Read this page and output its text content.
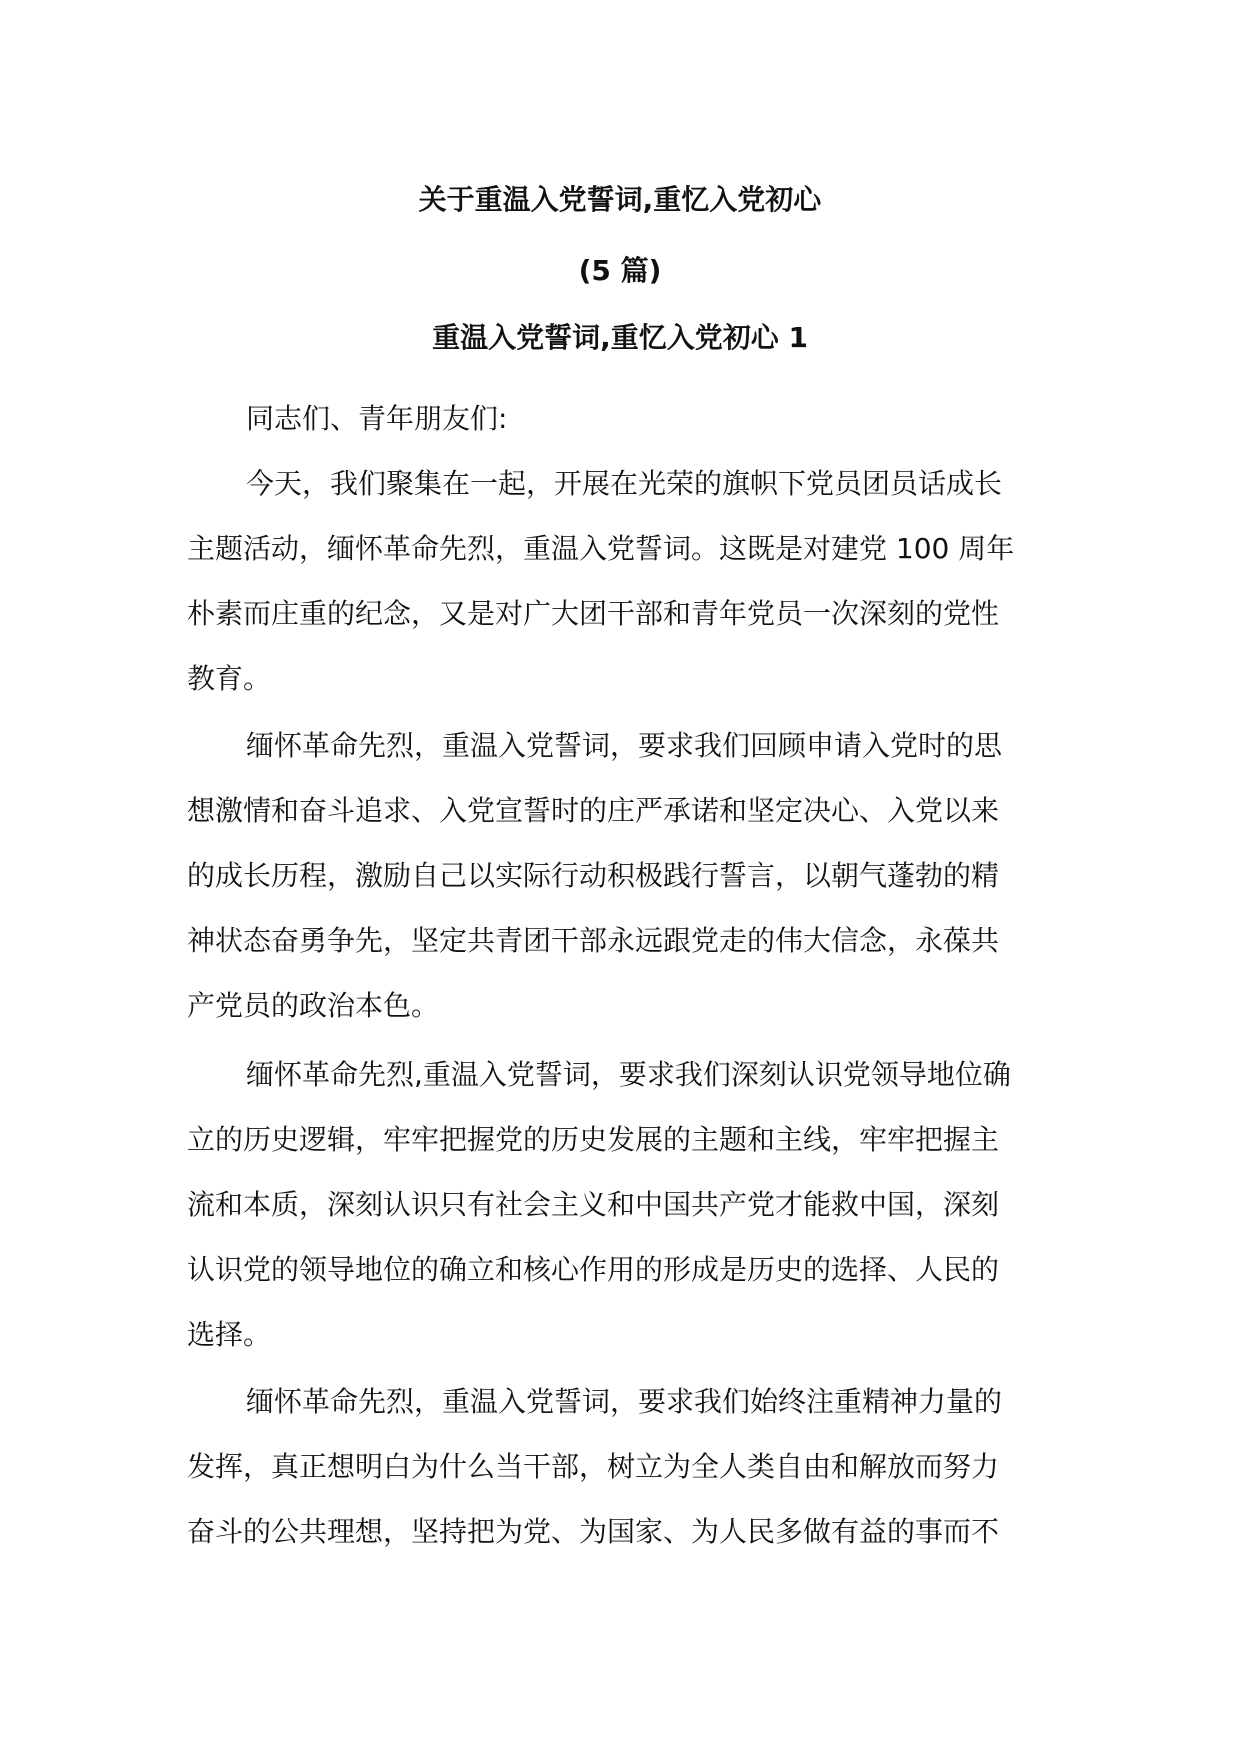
关于重温入党誓词,重忆入党初心
(5 篇)
重温入党誓词,重忆入党初心 1
同志们、青年朋友们:
今天，我们聚集在一起，开展在光荣的旗帜下党员团员话成长
主题活动，缅怀革命先烈，重温入党誓词。这既是对建党 100 周年
朴素而庄重的纪念，又是对广大团干部和青年党员一次深刻的党性
教育。
缅怀革命先烈，重温入党誓词，要求我们回顾申请入党时的思
想激情和奋斗追求、入党宣誓时的庄严承诺和坚定决心、入党以来
的成长历程，激励自己以实际行动积极践行誓言，以朝气蓬勃的精
神状态奋勇争先，坚定共青团干部永远跟党走的伟大信念，永葆共
产党员的政治本色。
缅怀革命先烈,重温入党誓词，要求我们深刻认识党领导地位确
立的历史逻辑，牢牢把握党的历史发展的主题和主线，牢牢把握主
流和本质，深刻认识只有社会主义和中国共产党才能救中国，深刻
认识党的领导地位的确立和核心作用的形成是历史的选择、人民的
选择。
缅怀革命先烈，重温入党誓词，要求我们始终注重精神力量的
发挥，真正想明白为什么当干部，树立为全人类自由和解放而努力
奋斗的公共理想，坚持把为党、为国家、为人民多做有益的事而不
